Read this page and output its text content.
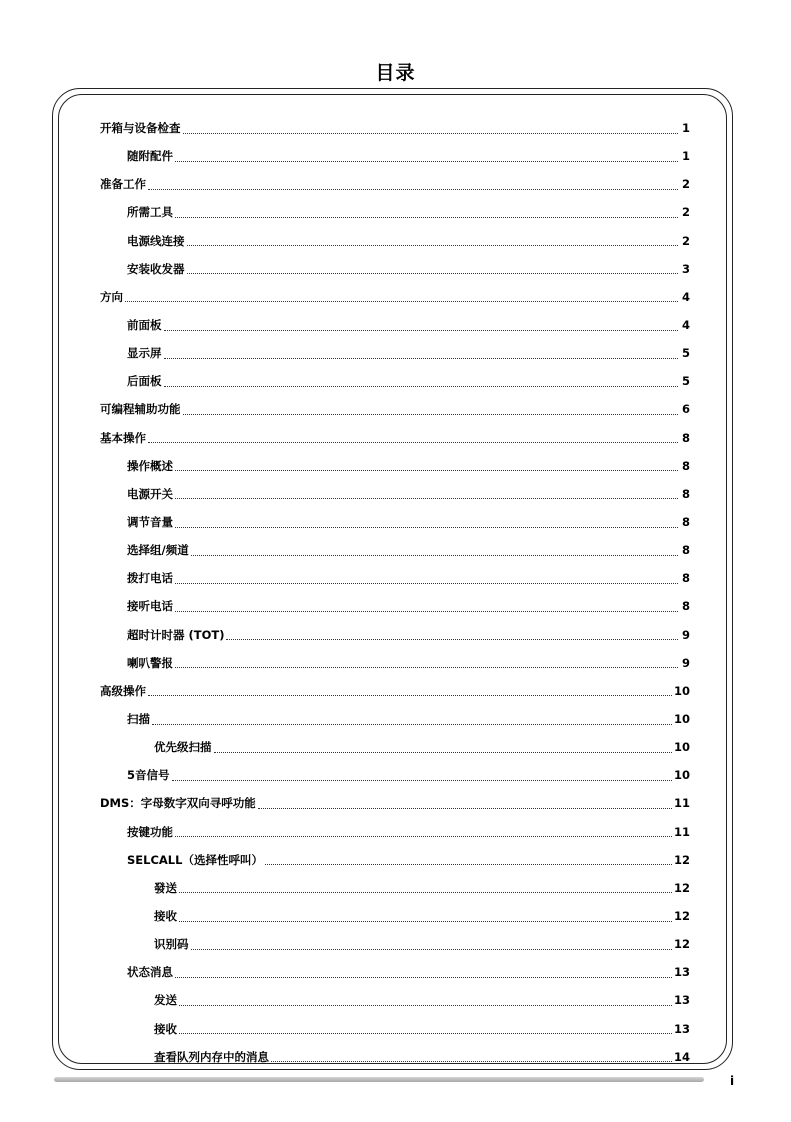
目录
开箱与设备检查	1
随附配件	1
准备工作	2
所需工具	2
电源线连接	2
安装收发器	3
方向	4
前面板	4
显示屏	5
后面板	5
可编程辅助功能	6
基本操作	8
操作概述	8
电源开关	8
调节音量	8
选择组/频道	8
拨打电话	8
接听电话	8
超时计时器 (TOT)	9
喇叭警报	9
高级操作	10
扫描	10
优先级扫描	10
5音信号	10
DMS：字母数字双向寻呼功能	11
按键功能	11
SELCALL（选择性呼叫）	12
發送	12
接收	12
识别码	12
状态消息	13
发送	13
接收	13
查看队列内存中的消息	14
i
